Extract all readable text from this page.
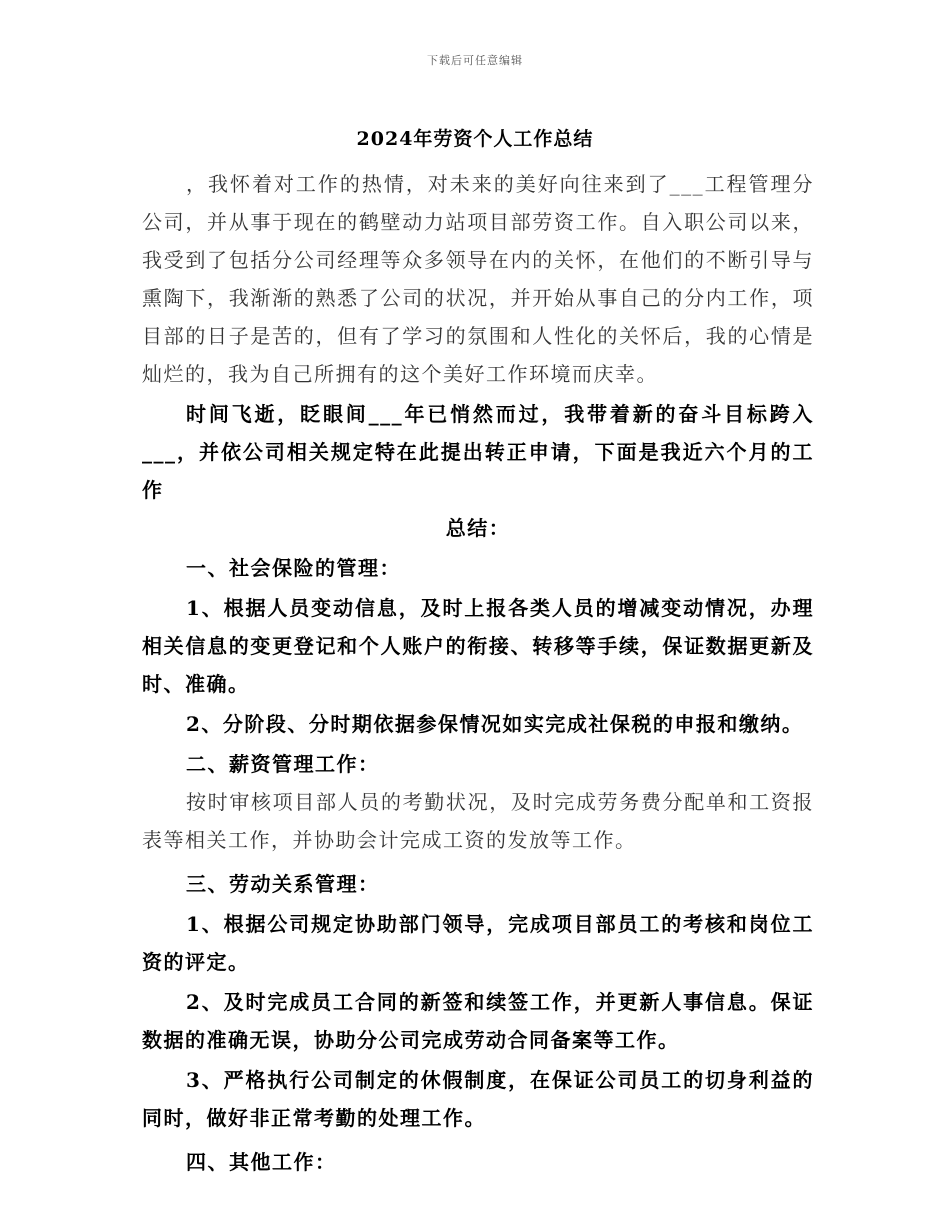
下载后可任意编辑
2024年劳资个人工作总结

，我怀着对工作的热情，对未来的美好向往来到了___工程管理分公司，并从事于现在的鹤壁动力站项目部劳资工作。自入职公司以来，我受到了包括分公司经理等众多领导在内的关怀，在他们的不断引导与熏陶下，我渐渐的熟悉了公司的状况，并开始从事自己的分内工作，项目部的日子是苦的，但有了学习的氛围和人性化的关怀后，我的心情是灿烂的，我为自己所拥有的这个美好工作环境而庆幸。

时间飞逝，眨眼间___年已悄然而过，我带着新的奋斗目标跨入___，并依公司相关规定特在此提出转正申请，下面是我近六个月的工作

总结：

一、社会保险的管理：

1、根据人员变动信息，及时上报各类人员的增减变动情况，办理相关信息的变更登记和个人账户的衔接、转移等手续，保证数据更新及时、准确。

2、分阶段、分时期依据参保情况如实完成社保税的申报和缴纳。

二、薪资管理工作：

按时审核项目部人员的考勤状况，及时完成劳务费分配单和工资报表等相关工作，并协助会计完成工资的发放等工作。

三、劳动关系管理：

1、根据公司规定协助部门领导，完成项目部员工的考核和岗位工资的评定。

2、及时完成员工合同的新签和续签工作，并更新人事信息。保证数据的准确无误，协助分公司完成劳动合同备案等工作。

3、严格执行公司制定的休假制度，在保证公司员工的切身利益的同时，做好非正常考勤的处理工作。

四、其他工作：
